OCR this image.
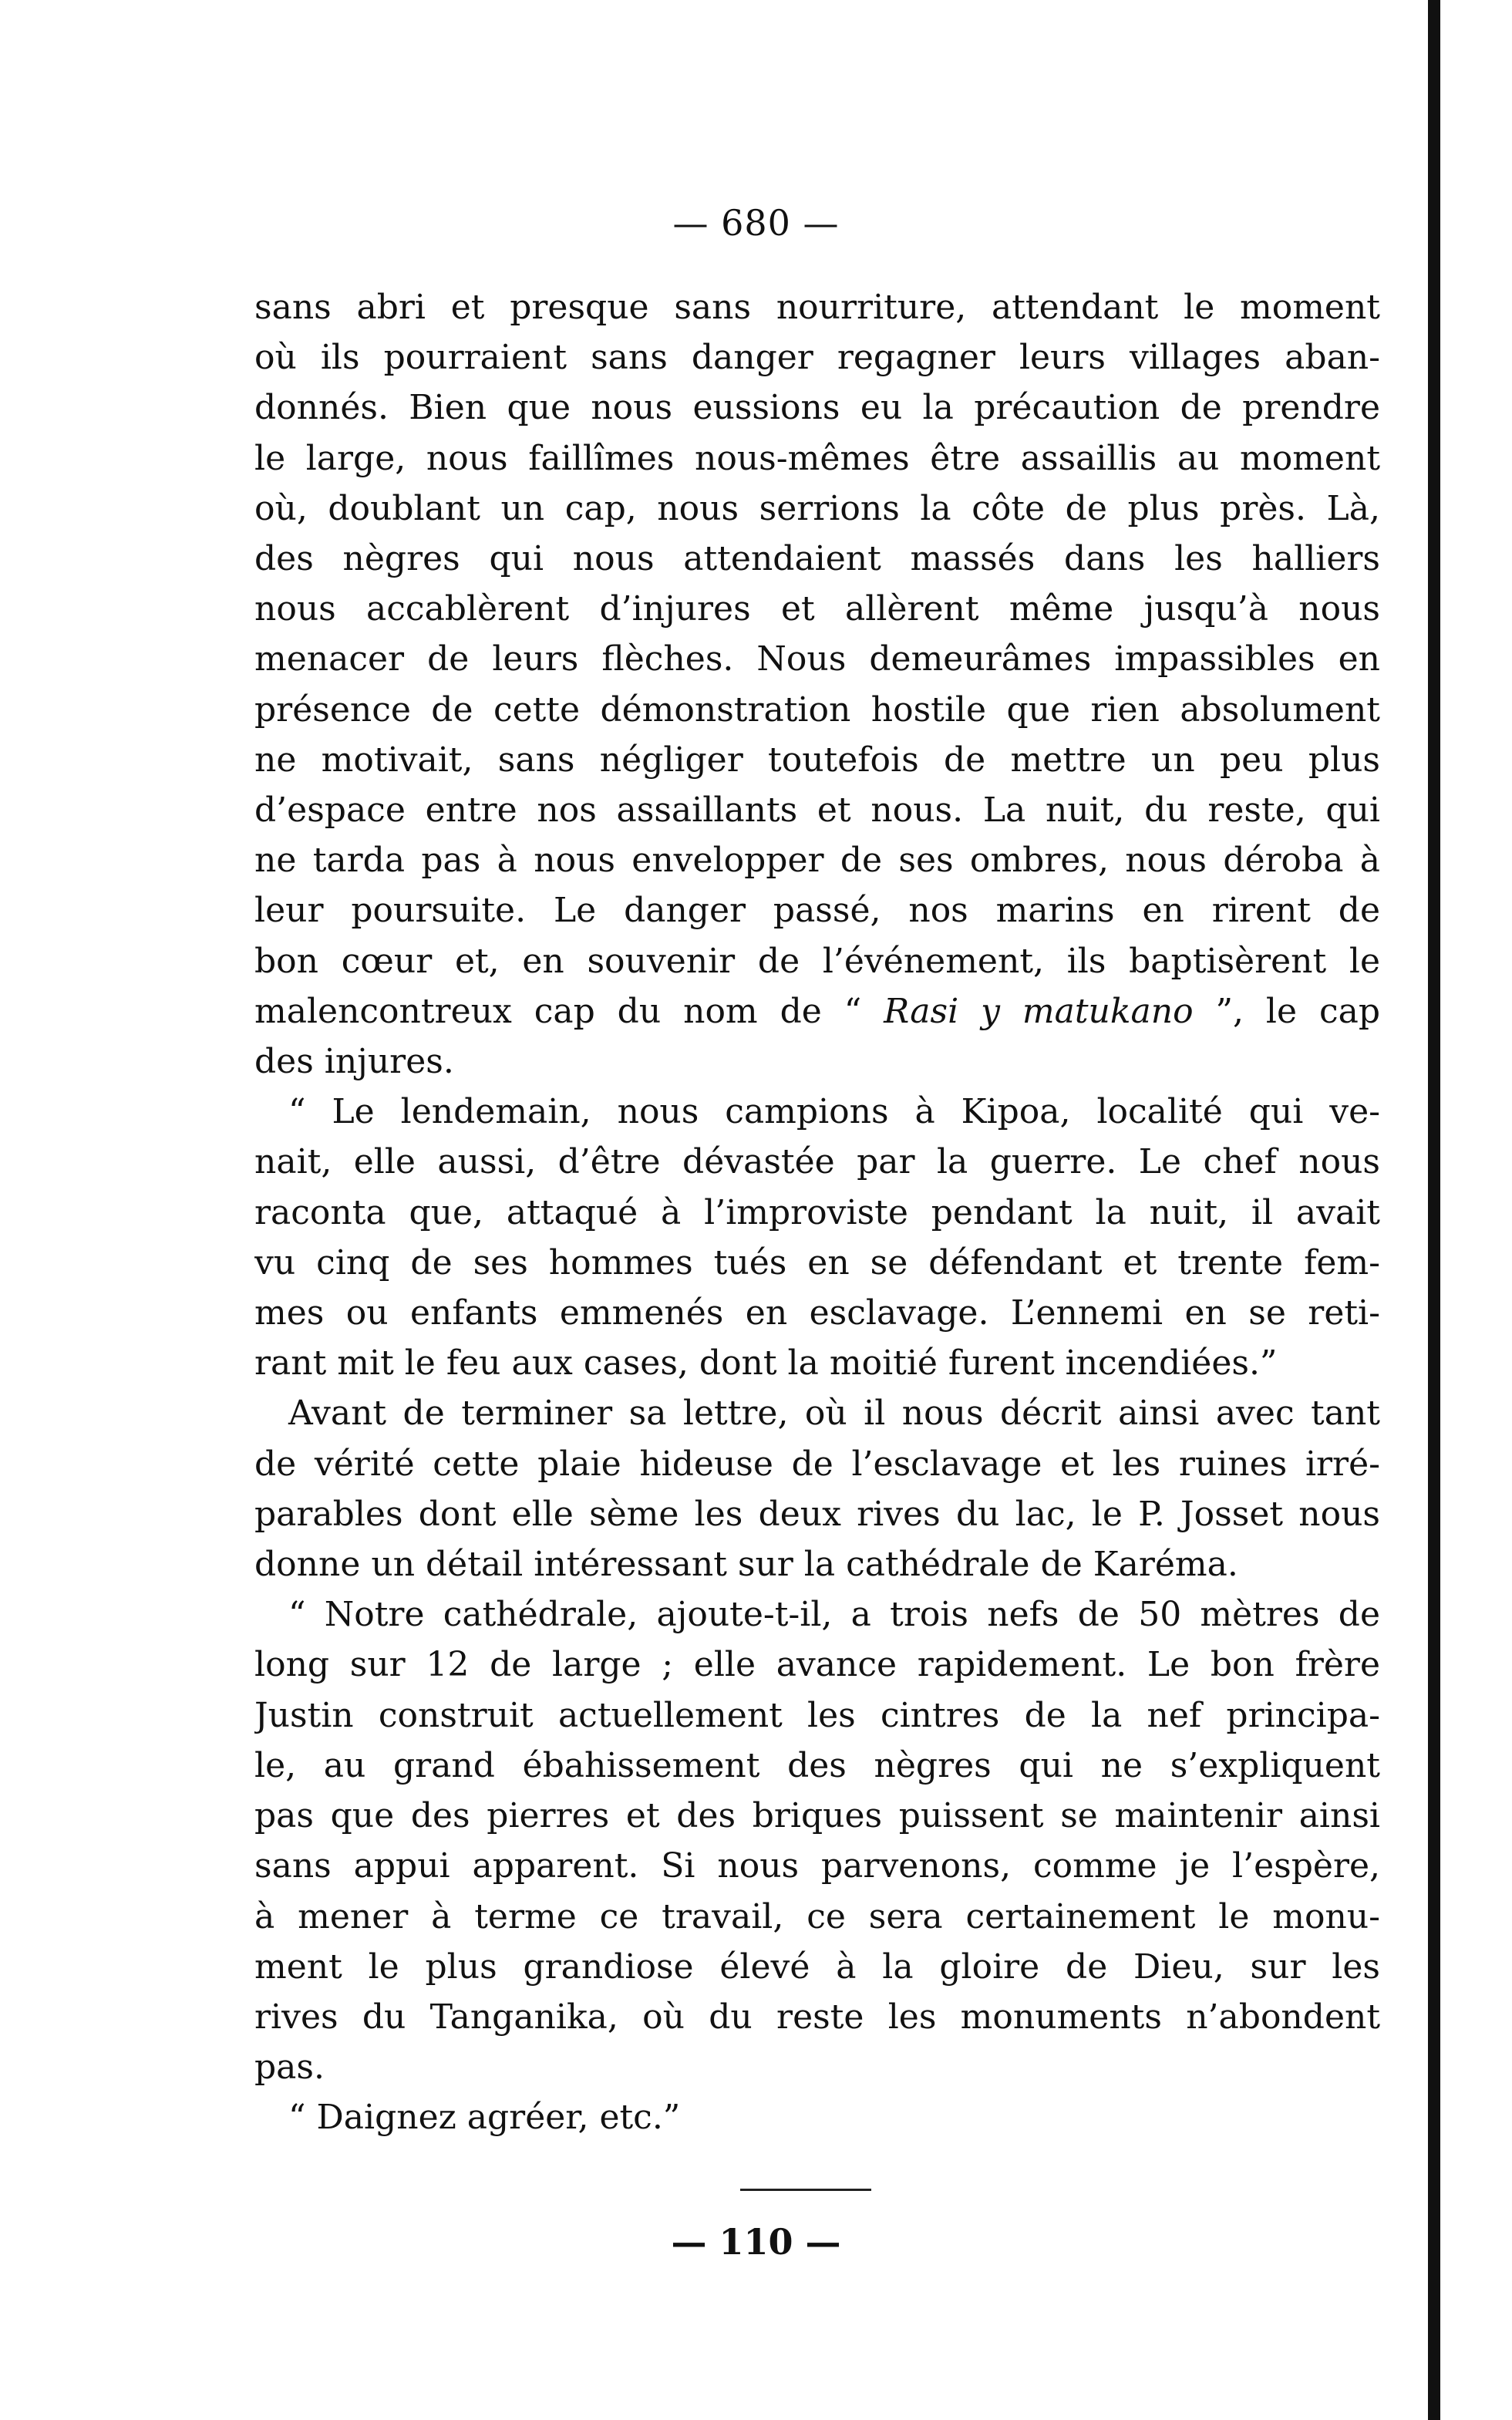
— 680 —
sans abri et presque sans nourriture, attendant le moment
où ils pourraient sans danger regagner leurs villages aban-
donnés. Bien que nous eussions eu la précaution de prendre
le large, nous faillîmes nous-mêmes être assaillis au moment
où, doublant un cap, nous serrions la côte de plus près. Là,
des nègres qui nous attendaient massés dans les halliers
nous accablèrent d’injures et allèrent même jusqu’à nous
menacer de leurs flèches. Nous demeurâmes impassibles en
présence de cette démonstration hostile que rien absolument
ne motivait, sans négliger toutefois de mettre un peu plus
d’espace entre nos assaillants et nous. La nuit, du reste, qui
ne tarda pas à nous envelopper de ses ombres, nous déroba à
leur poursuite. Le danger passé, nos marins en rirent de
bon cœur et, en souvenir de l’événement, ils baptisèrent le
malencontreux cap du nom de “ Rasi y matukano ”, le cap
des injures.
“ Le lendemain, nous campions à Kipoa, localité qui ve-
nait, elle aussi, d’être dévastée par la guerre. Le chef nous
raconta que, attaqué à l’improviste pendant la nuit, il avait
vu cinq de ses hommes tués en se défendant et trente fem-
mes ou enfants emmenés en esclavage. L’ennemi en se reti-
rant mit le feu aux cases, dont la moitié furent incendiées.”
Avant de terminer sa lettre, où il nous décrit ainsi avec tant
de vérité cette plaie hideuse de l’esclavage et les ruines irré-
parables dont elle sème les deux rives du lac, le P. Josset nous
donne un détail intéressant sur la cathédrale de Karéma.
“ Notre cathédrale, ajoute-t-il, a trois nefs de 50 mètres de
long sur 12 de large ; elle avance rapidement. Le bon frère
Justin construit actuellement les cintres de la nef principa-
le, au grand ébahissement des nègres qui ne s’expliquent
pas que des pierres et des briques puissent se maintenir ainsi
sans appui apparent. Si nous parvenons, comme je l’espère,
à mener à terme ce travail, ce sera certainement le monu-
ment le plus grandiose élevé à la gloire de Dieu, sur les
rives du Tanganika, où du reste les monuments n’abondent
pas.
“ Daignez agréer, etc.”
— 110 —
